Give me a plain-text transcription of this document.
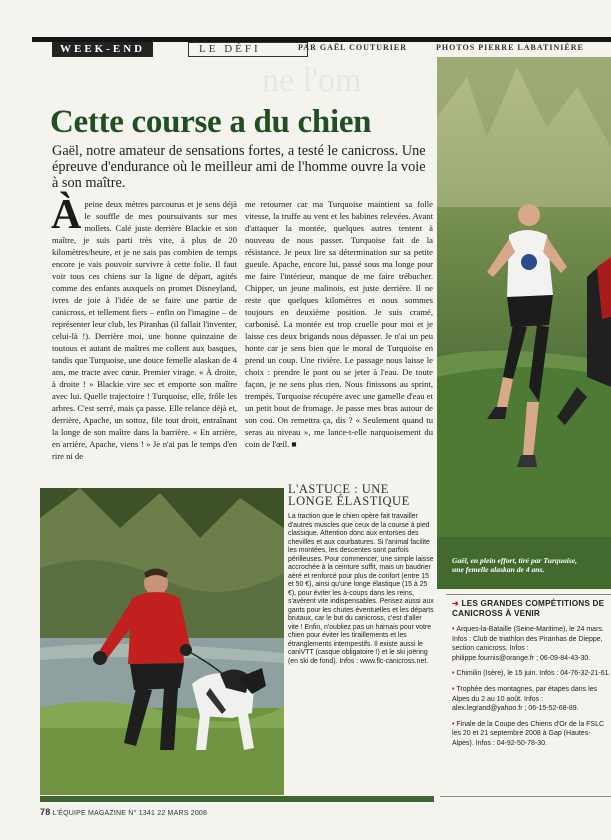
WEEK-END	LE DÉFI	PAR GAËL COUTURIER	PHOTOS PIERRE LABATINIÈRE
ne l'om
Cette course a du chien

Gaël, notre amateur de sensations fortes, a testé le canicross. Une épreuve d'endurance où le meilleur ami de l'homme ouvre la voie à son maître.

À peine deux mètres parcourus et je sens déjà le souffle de mes poursuivants sur mes mollets. Calé juste derrière Blackie et son maître, je suis parti très vite, à plus de 20 kilomètres/heure, et je ne sais pas combien de temps encore je vais pouvoir survivre à cette folie. Il faut voir tous ces chiens sur la ligne de départ, agités comme des enfants auxquels on promet Disneyland, ivres de joie à l'idée de se faire une partie de canicross, et tellement fiers – enfin on l'imagine – de représenter leur club, les Piranhas (il fallait l'inventer, celui-là !). Derrière moi, une bonne quinzaine de toutous et autant de maîtres me collent aux basques, tandis que Turquoise, une douce femelle alaskan de 4 ans, me tracte avec cœur. Premier virage. « À droite, à droite ! » Blackie vire sec et emporte son maître avec lui. Quelle trajectoire ! Turquoise, elle, frôle les arbres. C'est serré, mais ça passe. Elle relance déjà et, derrière, Apache, un sottoz, file tout droit, entraînant la longe de son maître dans la barrière. « En arrière, en arrière, Apache, viens ! » Je n'ai pas le temps d'en rire ni de
me retourner car ma Turquoise maintient sa folle vitesse, la truffe au vent et les babines relevées. Avant d'attaquer la montée, quelques autres tentent à nouveau de nous passer. Turquoise fait de la résistance. Je peux lire sa détermination sur sa petite gueule. Apache, encore lui, passé sous ma longe pour me faire l'intérieur, manque de me faire trébucher. Chipper, un jeune malinois, est juste derrière. Il ne reste que quelques kilomètres et nous sommes toujours en deuxième position. Je suis cramé, carbonisé. La montée est trop cruelle pour moi et je laisse ces deux brigands nous dépasser. Je n'ai un peu honte car je sens bien que le moral de Turquoise en prend un coup. Une rivière. Le passage nous laisse le choix : prendre le pont ou se jeter à l'eau. De toute façon, je ne sens plus rien. Nous finissons au sprint, trempés. Turquoise récupère avec une gamelle d'eau et un petit bout de fromage. Je passe mes bras autour de son cou. On remettra ça, dis ? « Seulement quand tu seras au niveau », me lance-t-elle narquoisement du coin de l'œil. ■
Gaël, en plein effort, tiré par Turquoise, une femelle alaskan de 4 ans.
L'ASTUCE : UNE LONGE ÉLASTIQUE
La traction que le chien opère fait travailler d'autres muscles que ceux de la course à pied classique. Attention donc aux entorses des chevilles et aux courbatures. Si l'animal facilite les montées, les descentes sont parfois périlleuses. Pour commencer, une simple laisse accrochée à la ceinture suffit, mais un baudrier aéré et renforcé pour plus de confort (entre 15 et 50 €), ainsi qu'une longe élastique (15 à 25 €), pour éviter les à-coups dans les reins, s'avèrent vite indispensables. Pensez aussi aux gants pour les chutes éventuelles et les départs brutaux, car le but du canicross, c'est d'aller vite ! Enfin, n'oubliez pas un harnais pour votre chien pour éviter les tiraillements et les étranglements intempestifs. Il existe aussi le caniVTT (casque obligatoire !) et le ski joëring (en ski de fond). Infos : www.flc-canicross.net.
➜ LES GRANDES COMPÉTITIONS DE CANICROSS À VENIR
• Arques-la-Bataille (Seine-Maritime), le 24 mars. Infos : Club de triathlon des Piranhas de Dieppe, section canicross. Infos : philippe.fournis@orange.fr ; 06-09-84-43-30.
• Chimilin (Isère), le 15 juin. Infos : 04-76-32-21-61.
• Trophée des montagnes, par étapes dans les Alpes du 2 au 10 août. Infos : alex.legrand@yahoo.fr ; 06-15-52-68-89.
• Finale de la Coupe des Chiens d'Or de la FSLC les 20 et 21 septembre 2008 à Gap (Hautes-Alpes). Infos : 04-92-50-78-30.
78 L'ÉQUIPE MAGAZINE N° 1341 22 MARS 2008
